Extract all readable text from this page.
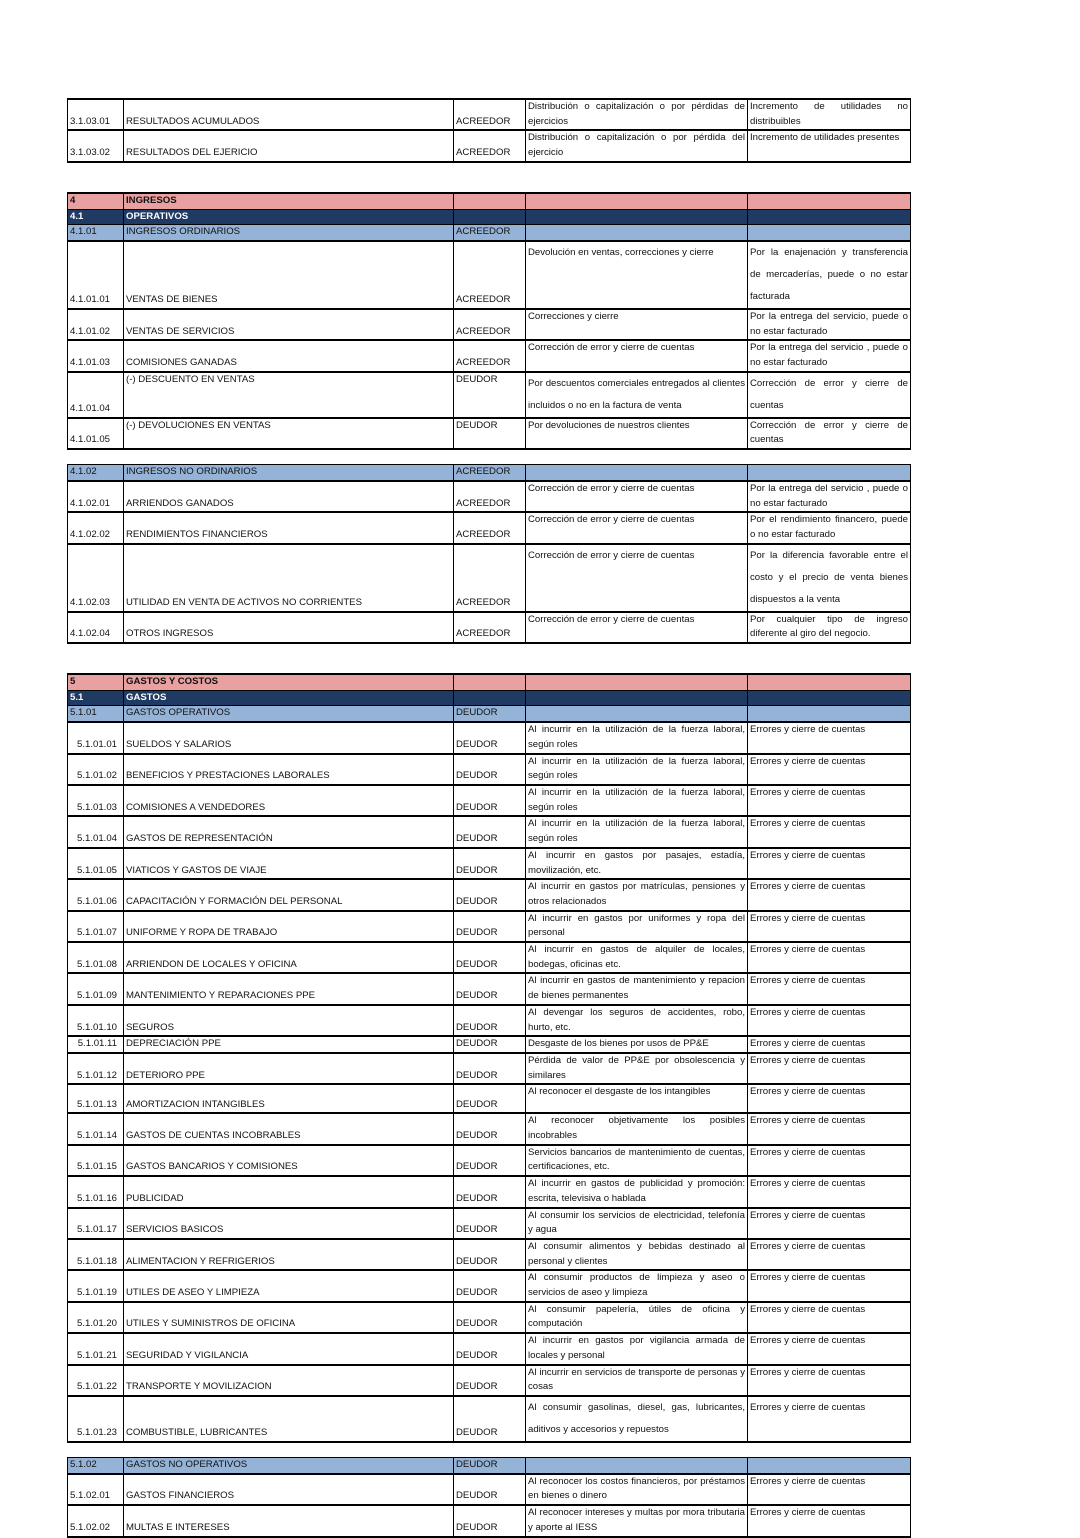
3.1.03.01	RESULTADOS ACUMULADOS	ACREEDOR	Distribución o capitalización o por pérdidas de ejercicios	Incremento de utilidades no distribuibles
3.1.03.02	RESULTADOS DEL EJERICIO	ACREEDOR	Distribución o capitalización o por pérdida del ejercicio	Incremento de utilidades presentes

4	INGRESOS			
4.1	OPERATIVOS			
4.1.01	INGRESOS ORDINARIOS	ACREEDOR		
4.1.01.01	VENTAS DE BIENES	ACREEDOR	Devolución en ventas, correcciones y cierre	Por la enajenación y transferencia de mercaderías, puede o no estar facturada
4.1.01.02	VENTAS DE SERVICIOS	ACREEDOR	Correcciones y cierre	Por la entrega del servicio, puede o no estar facturado
4.1.01.03	COMISIONES GANADAS	ACREEDOR	Corrección de error y cierre de cuentas	Por la entrega del servicio , puede o no estar facturado
4.1.01.04	(-) DESCUENTO EN VENTAS	DEUDOR	Por descuentos comerciales entregados al clientes incluidos o no en la factura de venta	Corrección de error y cierre de cuentas
4.1.01.05	(-) DEVOLUCIONES EN VENTAS	DEUDOR	Por devoluciones de nuestros clientes	Corrección de error y cierre de cuentas

4.1.02	INGRESOS NO ORDINARIOS	ACREEDOR		
4.1.02.01	ARRIENDOS GANADOS	ACREEDOR	Corrección de error y cierre de cuentas	Por la entrega del servicio , puede o no estar facturado
4.1.02.02	RENDIMIENTOS FINANCIEROS	ACREEDOR	Corrección de error y cierre de cuentas	Por el rendimiento financero, puede o no estar facturado
4.1.02.03	UTILIDAD EN VENTA DE ACTIVOS NO CORRIENTES	ACREEDOR	Corrección de error y cierre de cuentas	Por la diferencia favorable entre el costo y el precio de venta bienes dispuestos a la venta
4.1.02.04	OTROS INGRESOS	ACREEDOR	Corrección de error y cierre de cuentas	Por cualquier tipo de ingreso diferente al giro del negocio.

5	GASTOS Y COSTOS			
5.1	GASTOS			
5.1.01	GASTOS OPERATIVOS	DEUDOR		
5.1.01.01	SUELDOS Y SALARIOS	DEUDOR	Al incurrir en la utilización de la fuerza laboral, según roles	Errores y cierre de cuentas
5.1.01.02	BENEFICIOS Y PRESTACIONES LABORALES	DEUDOR	Al incurrir en la utilización de la fuerza laboral, según roles	Errores y cierre de cuentas
5.1.01.03	COMISIONES A VENDEDORES	DEUDOR	Al incurrir en la utilización de la fuerza laboral, según roles	Errores y cierre de cuentas
5.1.01.04	GASTOS DE REPRESENTACIÓN	DEUDOR	Al incurrir en la utilización de la fuerza laboral, según roles	Errores y cierre de cuentas
5.1.01.05	VIATICOS Y GASTOS DE VIAJE	DEUDOR	Al incurrir en gastos por pasajes, estadía, movilización, etc.	Errores y cierre de cuentas
5.1.01.06	CAPACITACIÓN Y FORMACIÓN DEL PERSONAL	DEUDOR	Al incurrir en gastos por matrículas, pensiones y otros relacionados	Errores y cierre de cuentas
5.1.01.07	UNIFORME Y ROPA DE TRABAJO	DEUDOR	Al incurrir en gastos por uniformes y ropa del personal	Errores y cierre de cuentas
5.1.01.08	ARRIENDON DE LOCALES Y OFICINA	DEUDOR	Al incurrir en gastos de alquiler de locales, bodegas, oficinas etc.	Errores y cierre de cuentas
5.1.01.09	MANTENIMIENTO Y REPARACIONES PPE	DEUDOR	Al incurrir en gastos de mantenimiento y repacion de bienes permanentes	Errores y cierre de cuentas
5.1.01.10	SEGUROS	DEUDOR	Al devengar los seguros de accidentes, robo, hurto, etc.	Errores y cierre de cuentas
5.1.01.11	DEPRECIACIÓN PPE	DEUDOR	Desgaste de los bienes por usos de PP&E	Errores y cierre de cuentas
5.1.01.12	DETERIORO PPE	DEUDOR	Pérdida de valor de PP&E por obsolescencia y similares	Errores y cierre de cuentas
5.1.01.13	AMORTIZACION INTANGIBLES	DEUDOR	Al reconocer el desgaste de los intangibles	Errores y cierre de cuentas
5.1.01.14	GASTOS DE CUENTAS INCOBRABLES	DEUDOR	Al reconocer objetivamente los posibles incobrables	Errores y cierre de cuentas
5.1.01.15	GASTOS BANCARIOS Y COMISIONES	DEUDOR	Servicios bancarios de mantenimiento de cuentas, certificaciones, etc.	Errores y cierre de cuentas
5.1.01.16	PUBLICIDAD	DEUDOR	Al incurrir en gastos de publicidad y promoción: escrita, televisiva o hablada	Errores y cierre de cuentas
5.1.01.17	SERVICIOS BASICOS	DEUDOR	Al consumir los servicios de electricidad, telefonía y agua	Errores y cierre de cuentas
5.1.01.18	ALIMENTACION Y REFRIGERIOS	DEUDOR	Al consumir alimentos y bebidas destinado al personal y clientes	Errores y cierre de cuentas
5.1.01.19	UTILES DE ASEO Y LIMPIEZA	DEUDOR	Al consumir productos de limpieza y aseo o servicios de aseo y limpieza	Errores y cierre de cuentas
5.1.01.20	UTILES Y SUMINISTROS DE OFICINA	DEUDOR	Al consumir papelería, útiles de oficina y computación	Errores y cierre de cuentas
5.1.01.21	SEGURIDAD Y VIGILANCIA	DEUDOR	Al incurrir en gastos por vigilancia armada de locales y personal	Errores y cierre de cuentas
5.1.01.22	TRANSPORTE Y MOVILIZACION	DEUDOR	Al incurrir en servicios de transporte de personas y cosas	Errores y cierre de cuentas
5.1.01.23	COMBUSTIBLE, LUBRICANTES	DEUDOR	Al consumir gasolinas, diesel, gas, lubricantes, aditivos y accesorios y repuestos	Errores y cierre de cuentas

5.1.02	GASTOS NO OPERATIVOS	DEUDOR		
5.1.02.01	GASTOS FINANCIEROS	DEUDOR	Al reconocer los costos financieros, por préstamos en bienes o dinero	Errores y cierre de cuentas
5.1.02.02	MULTAS E INTERESES	DEUDOR	Al reconocer intereses y multas por mora tributaria y aporte al IESS	Errores y cierre de cuentas
